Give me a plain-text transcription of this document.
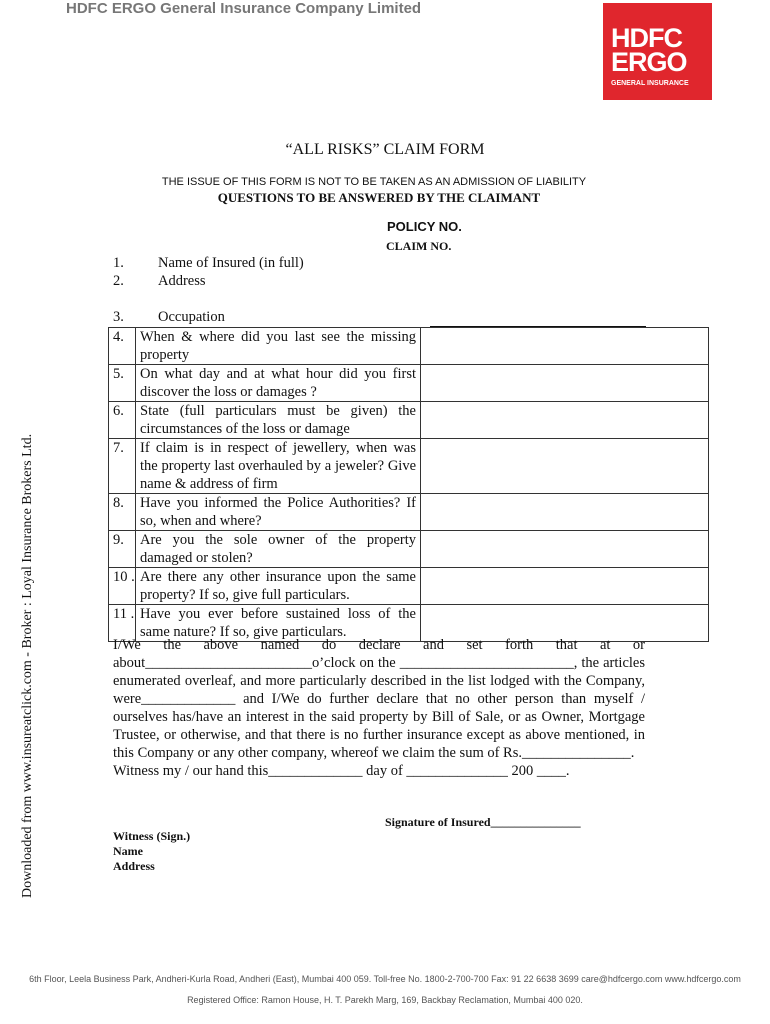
HDFC ERGO General Insurance Company Limited
HDFC
ERGO
GENERAL INSURANCE
Downloaded from www.insureatclick.com - Broker : Loyal Insurance Brokers Ltd.
“ALL RISKS” CLAIM FORM
THE ISSUE OF THIS FORM IS NOT TO BE TAKEN AS AN ADMISSION OF LIABILITY
QUESTIONS TO BE ANSWERED BY THE CLAIMANT
POLICY NO.
CLAIM NO.
1. Name of Insured (in full)
2. Address
3. Occupation
4.	When & where did you last see the missing property	
5.	On what day and at what hour did you first discover the loss or damages ?	
6.	State (full particulars must be given) the circumstances of the loss or damage	
7.	If claim is in respect of jewellery, when was the property last overhauled by a jeweler? Give name & address of firm	
8.	Have you informed the Police Authorities? If so, when and where?	
9.	Are you the sole owner of the property damaged or stolen?	
10 .	Are there any other insurance upon the same property? If so, give full particulars.	
11 .	Have you ever before sustained loss of the same nature? If so, give particulars.	
I/We the above named do declare and set forth that at or about_______________________o’clock on the ________________________, the articles enumerated overleaf, and more particularly described in the list lodged with the Company, were_____________ and I/We do further declare that no other person than myself / ourselves has/have an interest in the said property by Bill of Sale, or as Owner, Mortgage Trustee, or otherwise, and that there is no further insurance except as above mentioned, in this Company or any other company, whereof we claim the sum of Rs._______________.
Witness my / our hand this_____________ day of ______________ 200 ____.
Signature of Insured_______________
Witness (Sign.)
Name
Address
6th Floor, Leela Business Park, Andheri-Kurla Road, Andheri (East), Mumbai 400 059. Toll-free No. 1800-2-700-700 Fax: 91 22 6638 3699 care@hdfcergo.com www.hdfcergo.com
Registered Office: Ramon House, H. T. Parekh Marg, 169, Backbay Reclamation, Mumbai 400 020.
